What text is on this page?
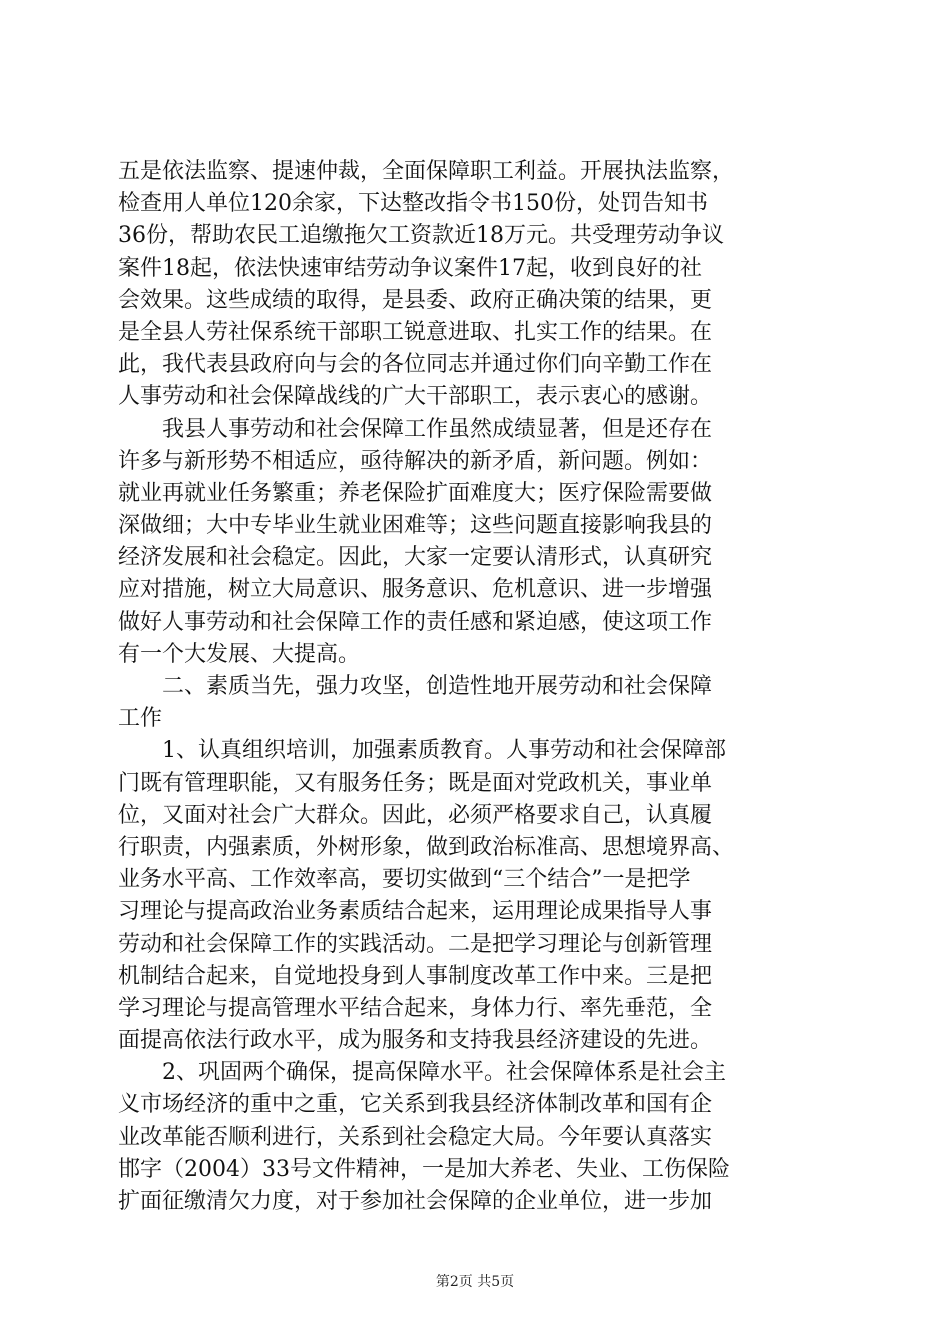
五是依法监察、提速仲裁，全面保障职工利益。开展执法监察，
检查用人单位120余家，下达整改指令书150份，处罚告知书
36份，帮助农民工追缴拖欠工资款近18万元。共受理劳动争议
案件18起，依法快速审结劳动争议案件17起，收到良好的社
会效果。这些成绩的取得，是县委、政府正确决策的结果，更
是全县人劳社保系统干部职工锐意进取、扎实工作的结果。在
此，我代表县政府向与会的各位同志并通过你们向辛勤工作在
人事劳动和社会保障战线的广大干部职工，表示衷心的感谢。
　　我县人事劳动和社会保障工作虽然成绩显著，但是还存在
许多与新形势不相适应，亟待解决的新矛盾，新问题。例如：
就业再就业任务繁重；养老保险扩面难度大；医疗保险需要做
深做细；大中专毕业生就业困难等；这些问题直接影响我县的
经济发展和社会稳定。因此，大家一定要认清形式，认真研究
应对措施，树立大局意识、服务意识、危机意识、进一步增强
做好人事劳动和社会保障工作的责任感和紧迫感，使这项工作
有一个大发展、大提高。
　　二、素质当先，强力攻坚，创造性地开展劳动和社会保障
工作
　　1、认真组织培训，加强素质教育。人事劳动和社会保障部
门既有管理职能，又有服务任务；既是面对党政机关，事业单
位，又面对社会广大群众。因此，必须严格要求自己，认真履
行职责，内强素质，外树形象，做到政治标准高、思想境界高、
业务水平高、工作效率高，要切实做到“三个结合”一是把学
习理论与提高政治业务素质结合起来，运用理论成果指导人事
劳动和社会保障工作的实践活动。二是把学习理论与创新管理
机制结合起来，自觉地投身到人事制度改革工作中来。三是把
学习理论与提高管理水平结合起来，身体力行、率先垂范，全
面提高依法行政水平，成为服务和支持我县经济建设的先进。
　　2、巩固两个确保，提高保障水平。社会保障体系是社会主
义市场经济的重中之重，它关系到我县经济体制改革和国有企
业改革能否顺利进行，关系到社会稳定大局。今年要认真落实
邯字（2004）33号文件精神，一是加大养老、失业、工伤保险
扩面征缴清欠力度，对于参加社会保障的企业单位，进一步加
第2页 共5页
